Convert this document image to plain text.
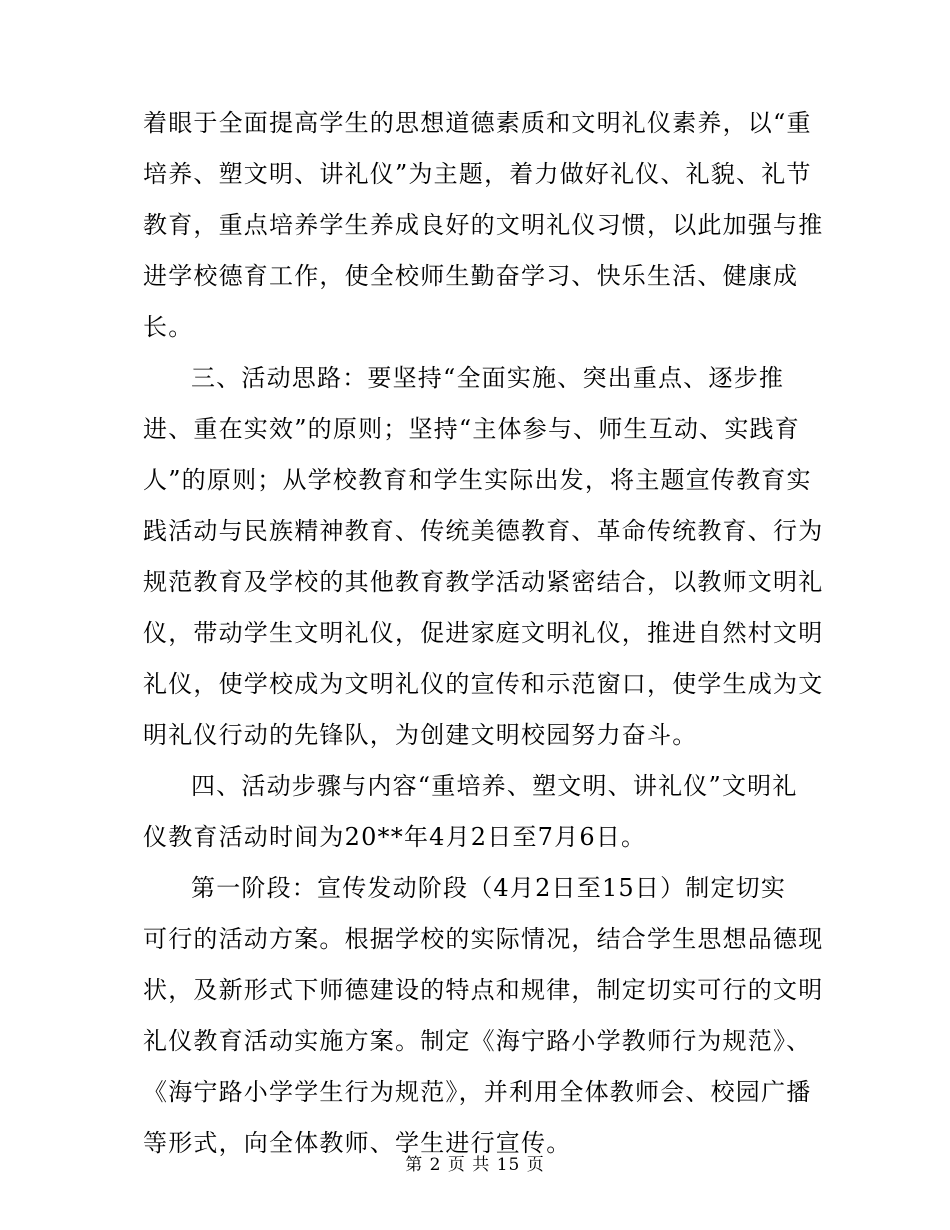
着眼于全面提高学生的思想道德素质和文明礼仪素养，以“重
培养、塑文明、讲礼仪”为主题，着力做好礼仪、礼貌、礼节
教育，重点培养学生养成良好的文明礼仪习惯，以此加强与推
进学校德育工作，使全校师生勤奋学习、快乐生活、健康成
长。
三、活动思路：要坚持“全面实施、突出重点、逐步推
进、重在实效”的原则；坚持“主体参与、师生互动、实践育
人”的原则；从学校教育和学生实际出发，将主题宣传教育实
践活动与民族精神教育、传统美德教育、革命传统教育、行为
规范教育及学校的其他教育教学活动紧密结合，以教师文明礼
仪，带动学生文明礼仪，促进家庭文明礼仪，推进自然村文明
礼仪，使学校成为文明礼仪的宣传和示范窗口，使学生成为文
明礼仪行动的先锋队，为创建文明校园努力奋斗。
四、活动步骤与内容“重培养、塑文明、讲礼仪”文明礼
仪教育活动时间为20**年4月2日至7月6日。
第一阶段：宣传发动阶段（4月2日至15日）制定切实
可行的活动方案。根据学校的实际情况，结合学生思想品德现
状，及新形式下师德建设的特点和规律，制定切实可行的文明
礼仪教育活动实施方案。制定《海宁路小学教师行为规范》、
《海宁路小学学生行为规范》，并利用全体教师会、校园广播
等形式，向全体教师、学生进行宣传。
第 2 页 共 15 页
